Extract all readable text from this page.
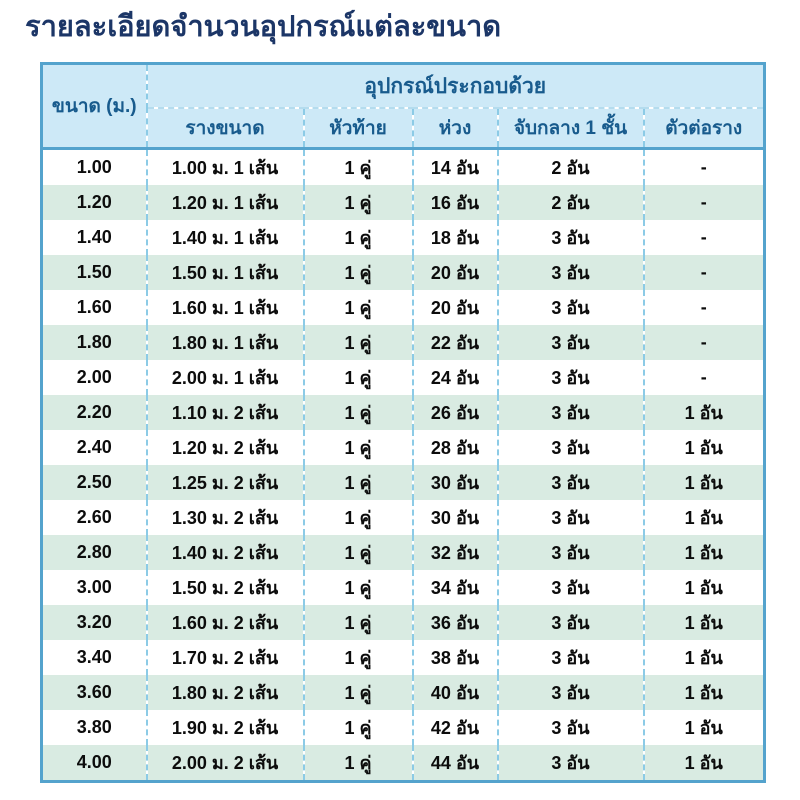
รายละเอียดจำนวนอุปกรณ์แต่ละขนาด
ขนาด (ม.)	อุปกรณ์ประกอบด้วย				
	รางขนาด	หัวท้าย	ห่วง	จับกลาง 1 ชั้น	ตัวต่อราง
1.00	1.00 ม. 1 เส้น	1 คู่	14 อัน	2 อัน	-
1.20	1.20 ม. 1 เส้น	1 คู่	16 อัน	2 อัน	-
1.40	1.40 ม. 1 เส้น	1 คู่	18 อัน	3 อัน	-
1.50	1.50 ม. 1 เส้น	1 คู่	20 อัน	3 อัน	-
1.60	1.60 ม. 1 เส้น	1 คู่	20 อัน	3 อัน	-
1.80	1.80 ม. 1 เส้น	1 คู่	22 อัน	3 อัน	-
2.00	2.00 ม. 1 เส้น	1 คู่	24 อัน	3 อัน	-
2.20	1.10 ม. 2 เส้น	1 คู่	26 อัน	3 อัน	1 อัน
2.40	1.20 ม. 2 เส้น	1 คู่	28 อัน	3 อัน	1 อัน
2.50	1.25 ม. 2 เส้น	1 คู่	30 อัน	3 อัน	1 อัน
2.60	1.30 ม. 2 เส้น	1 คู่	30 อัน	3 อัน	1 อัน
2.80	1.40 ม. 2 เส้น	1 คู่	32 อัน	3 อัน	1 อัน
3.00	1.50 ม. 2 เส้น	1 คู่	34 อัน	3 อัน	1 อัน
3.20	1.60 ม. 2 เส้น	1 คู่	36 อัน	3 อัน	1 อัน
3.40	1.70 ม. 2 เส้น	1 คู่	38 อัน	3 อัน	1 อัน
3.60	1.80 ม. 2 เส้น	1 คู่	40 อัน	3 อัน	1 อัน
3.80	1.90 ม. 2 เส้น	1 คู่	42 อัน	3 อัน	1 อัน
4.00	2.00 ม. 2 เส้น	1 คู่	44 อัน	3 อัน	1 อัน
